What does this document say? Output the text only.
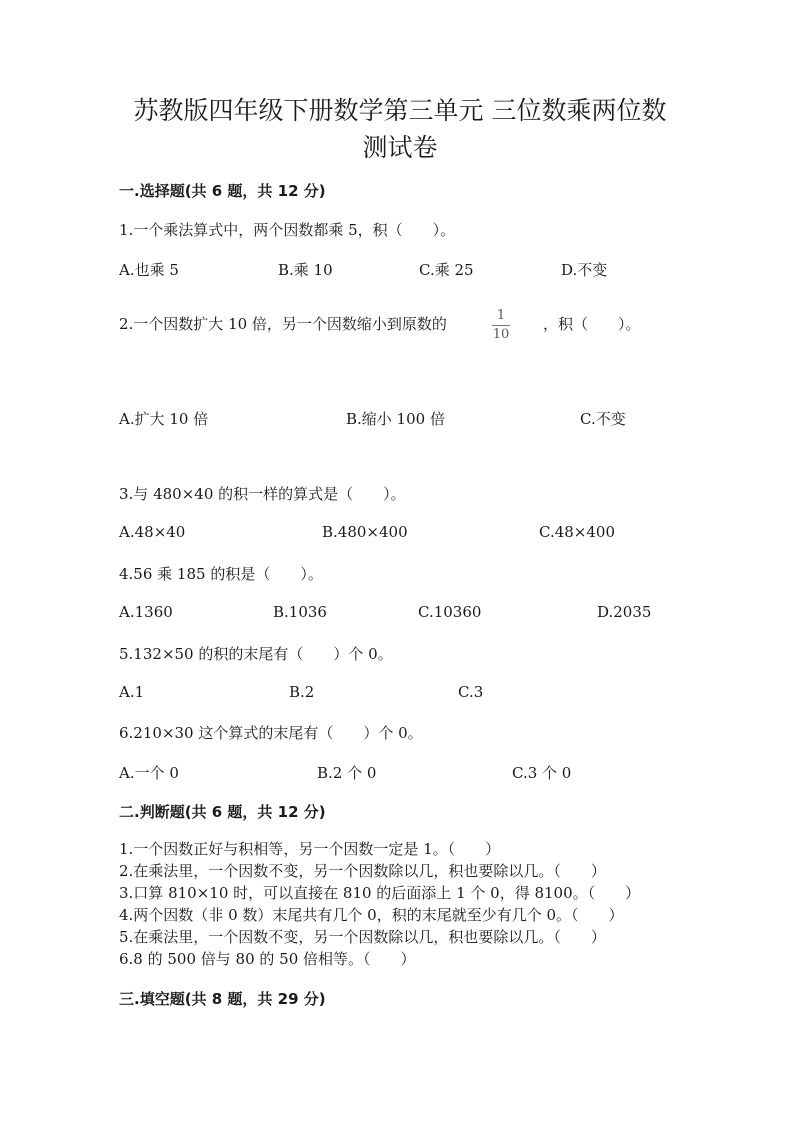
苏教版四年级下册数学第三单元 三位数乘两位数
测试卷
一.选择题(共 6 题，共 12 分)
1.一个乘法算式中，两个因数都乘 5，积（　　）。
A.也乘 5	B.乘 10	C.乘 25	D.不变
2.一个因数扩大 10 倍，另一个因数缩小到原数的	1
10
，积（　　）。
A.扩大 10 倍	B.缩小 100 倍	C.不变
3.与 480×40 的积一样的算式是（　　）。
A.48×40	B.480×400	C.48×400
4.56 乘 185 的积是（　　）。
A.1360	B.1036	C.10360	D.2035
5.132×50 的积的末尾有（　　）个 0。
A.1	B.2	C.3
6.210×30 这个算式的末尾有（　　）个 0。
A.一个 0	B.2 个 0	C.3 个 0
二.判断题(共 6 题，共 12 分)
1.一个因数正好与积相等，另一个因数一定是 1。（　　）
2.在乘法里，一个因数不变，另一个因数除以几，积也要除以几。（　　）
3.口算 810×10 时，可以直接在 810 的后面添上 1 个 0，得 8100。（　　）
4.两个因数（非 0 数）末尾共有几个 0，积的末尾就至少有几个 0。（　　）
5.在乘法里，一个因数不变，另一个因数除以几，积也要除以几。（　　）
6.8 的 500 倍与 80 的 50 倍相等。（　　）
三.填空题(共 8 题，共 29 分)
